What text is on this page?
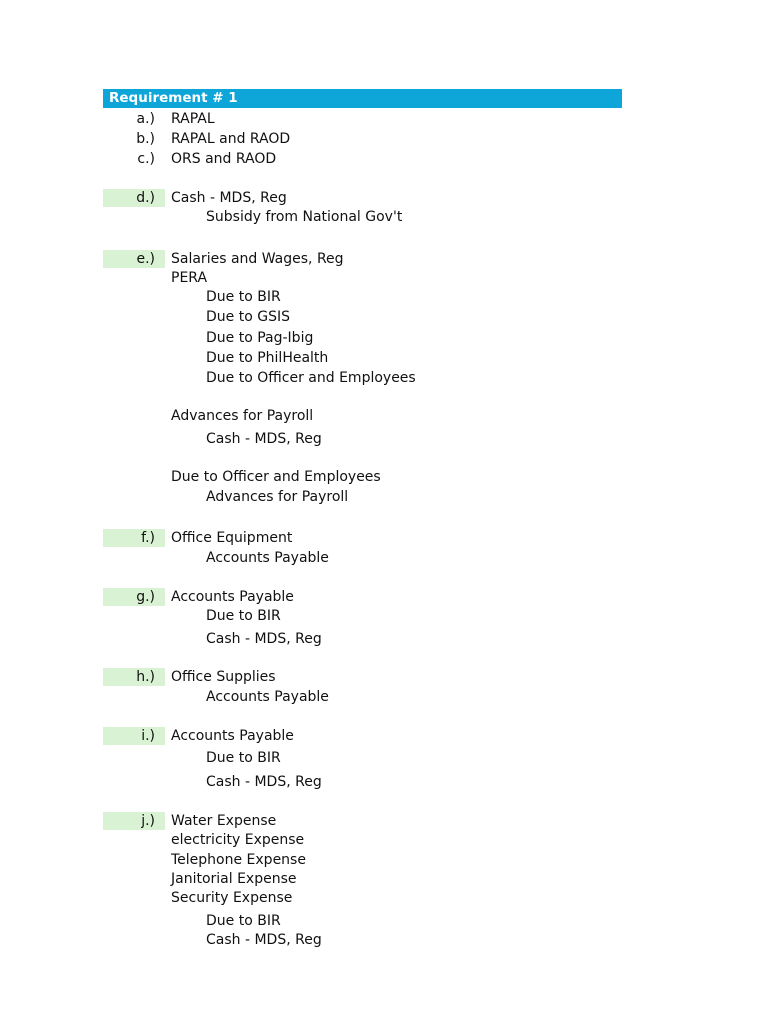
Requirement # 1
a.)	RAPAL
b.)	RAPAL and RAOD
c.)	ORS and RAOD
d.)	Cash - MDS, Reg
Subsidy from National Gov't
e.)	Salaries and Wages, Reg
PERA
Due to BIR
Due to GSIS
Due to Pag-Ibig
Due to PhilHealth
Due to Officer and Employees
Advances for Payroll
Cash - MDS, Reg
Due to Officer and Employees
Advances for Payroll
f.)	Office Equipment
Accounts Payable
g.)	Accounts Payable
Due to BIR
Cash - MDS, Reg
h.)	Office Supplies
Accounts Payable
i.)	Accounts Payable
Due to BIR
Cash - MDS, Reg
j.)	Water Expense
electricity Expense
Telephone Expense
Janitorial Expense
Security Expense
Due to BIR
Cash - MDS, Reg
